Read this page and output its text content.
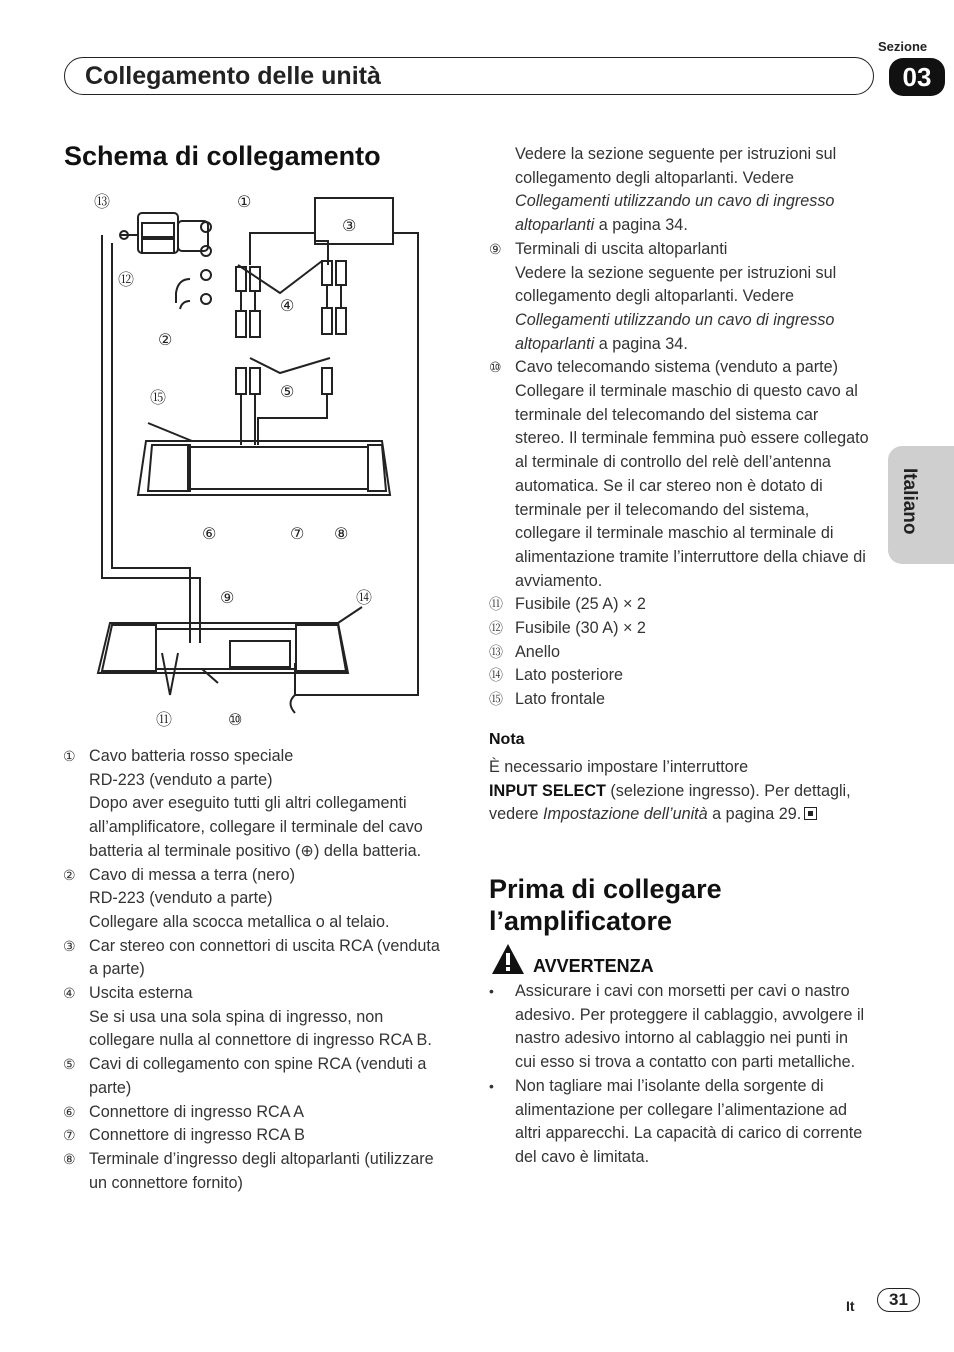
Sezione
03
Collegamento delle unità
Italiano
Schema di collegamento
⑬	①
③
⑫
④
②
⑤
⑮
⑥	⑦ ⑧
⑨	⑭
⑪	⑩
① Cavo batteria rosso speciale
RD-223 (venduto a parte)
Dopo aver eseguito tutti gli altri collegamenti all’amplificatore, collegare il terminale del cavo batteria al terminale positivo (⊕) della batteria.
② Cavo di messa a terra (nero)
RD-223 (venduto a parte)
Collegare alla scocca metallica o al telaio.
③ Car stereo con connettori di uscita RCA (venduta a parte)
④ Uscita esterna
Se si usa una sola spina di ingresso, non collegare nulla al connettore di ingresso RCA B.
⑤ Cavi di collegamento con spine RCA (venduti a parte)
⑥ Connettore di ingresso RCA A
⑦ Connettore di ingresso RCA B
⑧ Terminale d’ingresso degli altoparlanti (utilizzare un connettore fornito)
Vedere la sezione seguente per istruzioni sul collegamento degli altoparlanti. Vedere Collegamenti utilizzando un cavo di ingresso altoparlanti a pagina 34.
⑨ Terminali di uscita altoparlanti
Vedere la sezione seguente per istruzioni sul collegamento degli altoparlanti. Vedere Collegamenti utilizzando un cavo di ingresso altoparlanti a pagina 34.
⑩ Cavo telecomando sistema (venduto a parte)
Collegare il terminale maschio di questo cavo al terminale del telecomando del sistema car stereo. Il terminale femmina può essere collegato al terminale di controllo del relè dell’antenna automatica. Se il car stereo non è dotato di terminale per il telecomando del sistema, collegare il terminale maschio al terminale di alimentazione tramite l’interruttore della chiave di avviamento.
⑪ Fusibile (25 A) × 2
⑫ Fusibile (30 A) × 2
⑬ Anello
⑭ Lato posteriore
⑮ Lato frontale
Nota
È necessario impostare l’interruttore
INPUT SELECT (selezione ingresso). Per dettagli, vedere Impostazione dell’unità a pagina 29.
Prima di collegare l’amplificatore
AVVERTENZA
•	Assicurare i cavi con morsetti per cavi o nastro adesivo. Per proteggere il cablaggio, avvolgere il nastro adesivo intorno al cablaggio nei punti in cui esso si trova a contatto con parti metalliche.
•	Non tagliare mai l’isolante della sorgente di alimentazione per collegare l’alimentazione ad altri apparecchi. La capacità di carico di corrente del cavo è limitata.
It	31
